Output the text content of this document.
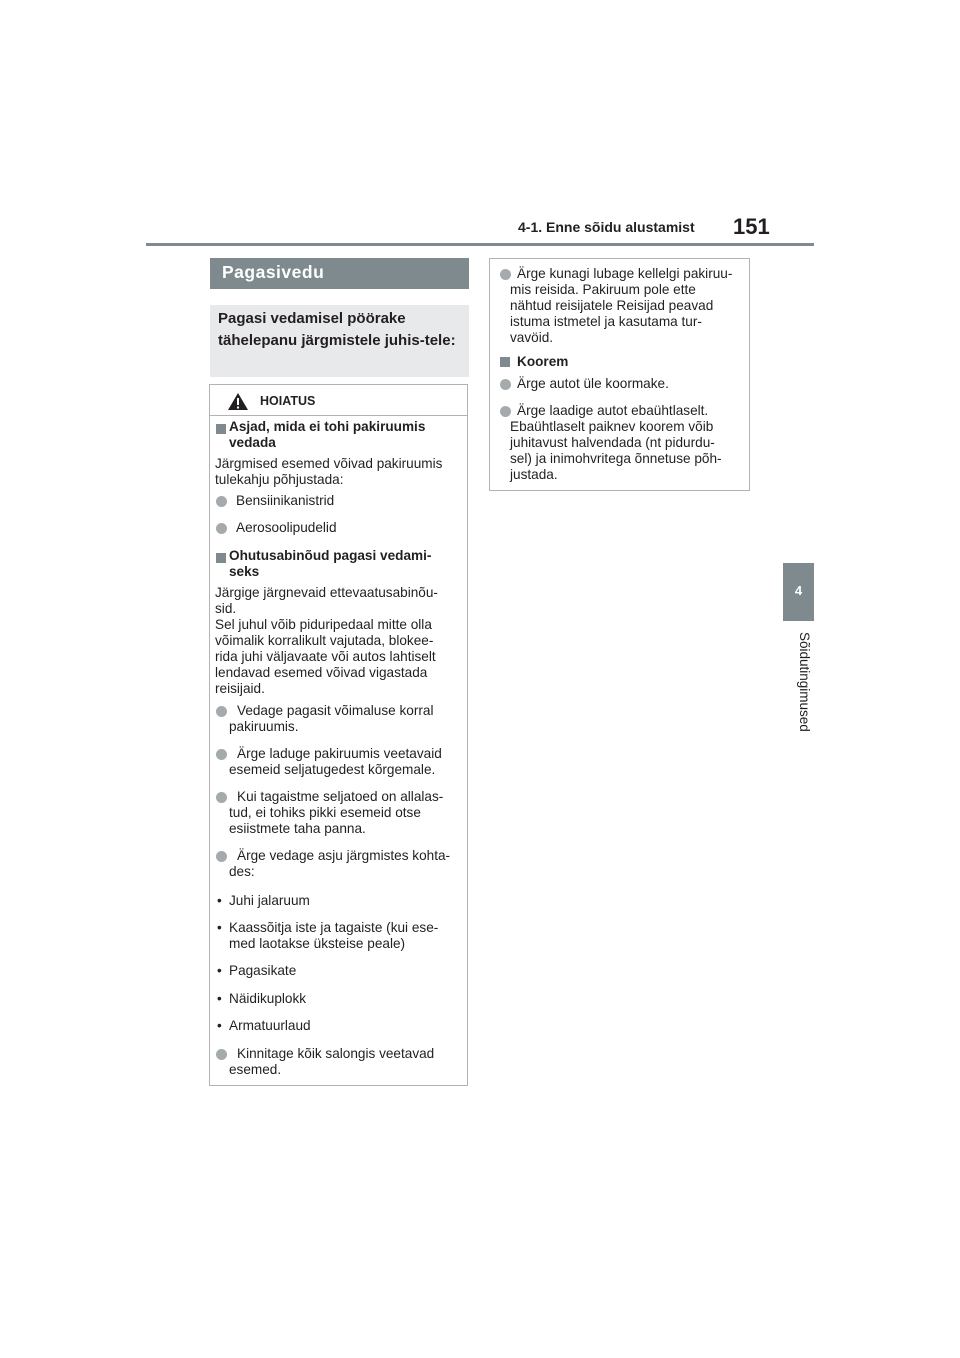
4-1. Enne sõidu alustamist 151
4
Sõidutingimused
Pagasivedu
Pagasi vedamisel pöörake tähelepanu järgmistele juhis-tele:
HOIATUS
Asjad, mida ei tohi pakiruumis
vedada
Järgmised esemed võivad pakiruumis
tulekahju põhjustada:
Bensiinikanistrid
Aerosoolipudelid
Ohutusabinõud pagasi vedami-
seks
Järgige järgnevaid ettevaatusabinõu-
sid.
Sel juhul võib piduripedaal mitte olla
võimalik korralikult vajutada, blokee-
rida juhi väljavaate või autos lahtiselt
lendavad esemed võivad vigastada
reisijaid.
Vedage pagasit võimaluse korral
pakiruumis.
Ärge laduge pakiruumis veetavaid
esemeid seljatugedest kõrgemale.
Kui tagaistme seljatoed on allalas-
tud, ei tohiks pikki esemeid otse
esiistmete taha panna.
Ärge vedage asju järgmistes kohta-
des:
• Juhi jalaruum
• Kaassõitja iste ja tagaiste (kui ese-
med laotakse üksteise peale)
• Pagasikate
• Näidikuplokk
• Armatuurlaud
Kinnitage kõik salongis veetavad
esemed.
Ärge kunagi lubage kellelgi pakiruu-
mis reisida. Pakiruum pole ette
nähtud reisijatele Reisijad peavad
istuma istmetel ja kasutama tur-
vavöid.
Koorem
Ärge autot üle koormake.
Ärge laadige autot ebaühtlaselt.
Ebaühtlaselt paiknev koorem võib
juhitavust halvendada (nt pidurdu-
sel) ja inimohvritega õnnetuse põh-
justada.
